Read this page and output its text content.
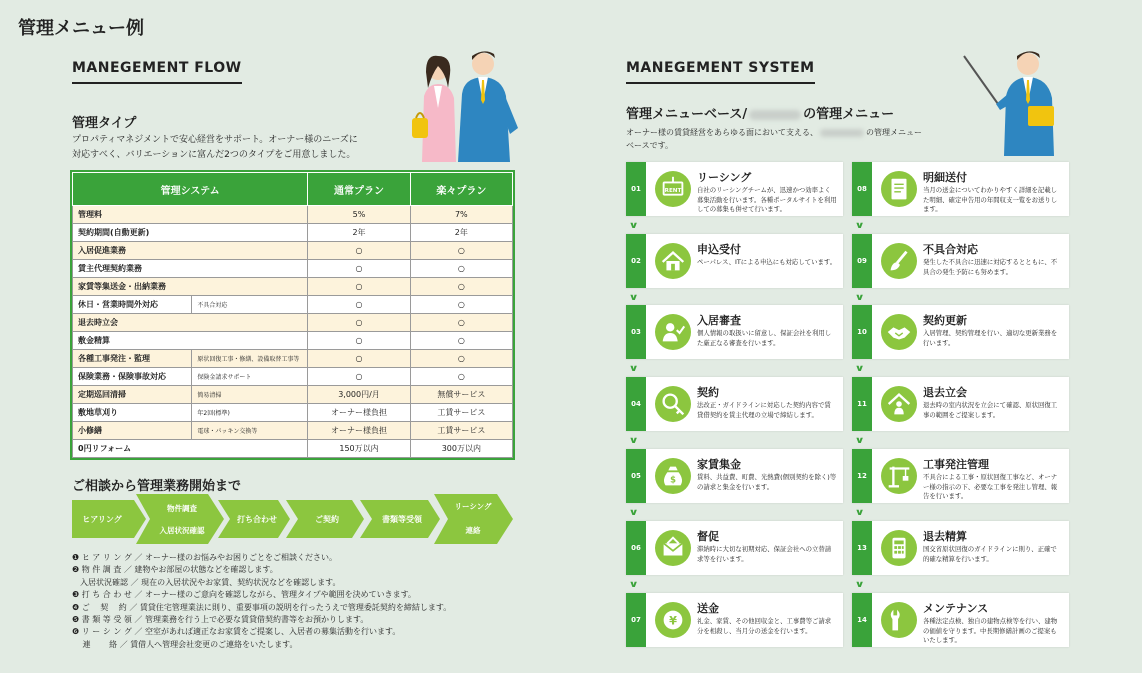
管理メニュー例
MANEGEMENT FLOW
管理タイプ
プロパティマネジメントで安心経営をサポート。オーナー様のニーズに
対応すべく、バリエーションに富んだ2つのタイプをご用意しました。
管理システム		通常プラン	楽々プラン
管理料		5%	7%
契約期間(自動更新)		2年	2年
入居促進業務		○	○
賃主代理契約業務		○	○
家賃等集送金・出納業務		○	○
休日・営業時間外対応	不具合対応	○	○
退去時立会		○	○
敷金精算		○	○
各種工事発注・監理	原状回復工事・修繕、設備取替工事等	○	○
保険業務・保険事故対応	保険金請求サポート	○	○
定期巡回清掃	簡易清掃	3,000円/月	無償サービス
敷地草刈り	年2回(標準)	オーナー様負担	工賃サービス
小修繕	電球・パッキン交換等	オーナー様負担	工賃サービス
0円リフォーム		150万以内	300万以内
ご相談から管理業務開始まで
ヒアリング
物件調査
入居状況確認
打ち合わせ	ご契約	書類等受領
リーシング
連絡
❶ ヒ ア リ ン グ ／ オーナー様のお悩みやお困りごとをご相談ください。
❷ 物 件 調 査 ／ 建物やお部屋の状態などを確認します。
　入居状況確認 ／ 現在の入居状況やお家賃、契約状況などを確認します。
❸ 打 ち 合 わ せ ／ オーナー様のご意向を確認しながら、管理タイプや範囲を決めていきます。
❹ ご　 契　 約 ／ 賃貸住宅管理業法に則り、重要事項の説明を行ったうえで管理委託契約を締結します。
❺ 書 類 等 受 領 ／ 管理業務を行う上で必要な賃貸借契約書等をお預かりします。
❻ リ ー シ ン グ ／ 空室があれば適正なお家賃をご提案し、入居者の募集活動を行います。
　 連　　 絡 ／ 賃借人へ管理会社変更のご連絡をいたします。
MANEGEMENT SYSTEM
管理メニューベース/	の管理メニュー
オーナー様の賃貸経営をあらゆる面において支える、	の管理メニュー
ベースです。
01	RENT
リーシング
自社のリーシングチームが、迅速かつ効率よく募集活動を行います。各種ポータルサイトを利用しての募集も併せて行います。
∨
02
申込受付
ペーパレス、ITによる申込にも対応しています。
∨
03
入居審査
個人情報の取扱いに留意し、保証会社を利用した厳正なる審査を行います。
∨
04
契約
法改正・ガイドラインに対応した契約内容で賃貸借契約を賃主代理の立場で締結します。
∨
05	$
家賃集金
賃料、共益費、町費、光熱費(個別契約を除く)等の請求と集金を行います。
∨
06
督促
滞納時に大切な初期対応、保証会社への立替請求等を行います。
∨
07	¥
送金
礼金、家賃、その他回収金と、工事費等ご請求分を相殺し、当月分の送金を行います。
08
明細送付
当月の送金についてわかりやすく詳細を記載した明細、確定申告用の年間収支一覧をお送りします。
∨
09
不具合対応
発生した不具合に迅速に対応するとともに、不具合の発生予防にも努めます。
∨
10
契約更新
入居管理、契約管理を行い、適切な更新業務を行います。
∨
11
退去立会
退去時の室内状況を立会にて確認、原状回復工事の範囲をご提案します。
∨
12
工事発注管理
不具合による工事・原状回復工事など、オーナー様の指示の下、必要な工事を発注し管理、報告を行います。
∨
13
退去精算
国交省原状回復のガイドラインに則り、正確で的確な精算を行います。
∨
14
メンテナンス
各種法定点検、独自の建物点検等を行い、建物の価値を守ります。中長期修繕計画のご提案もいたします。
